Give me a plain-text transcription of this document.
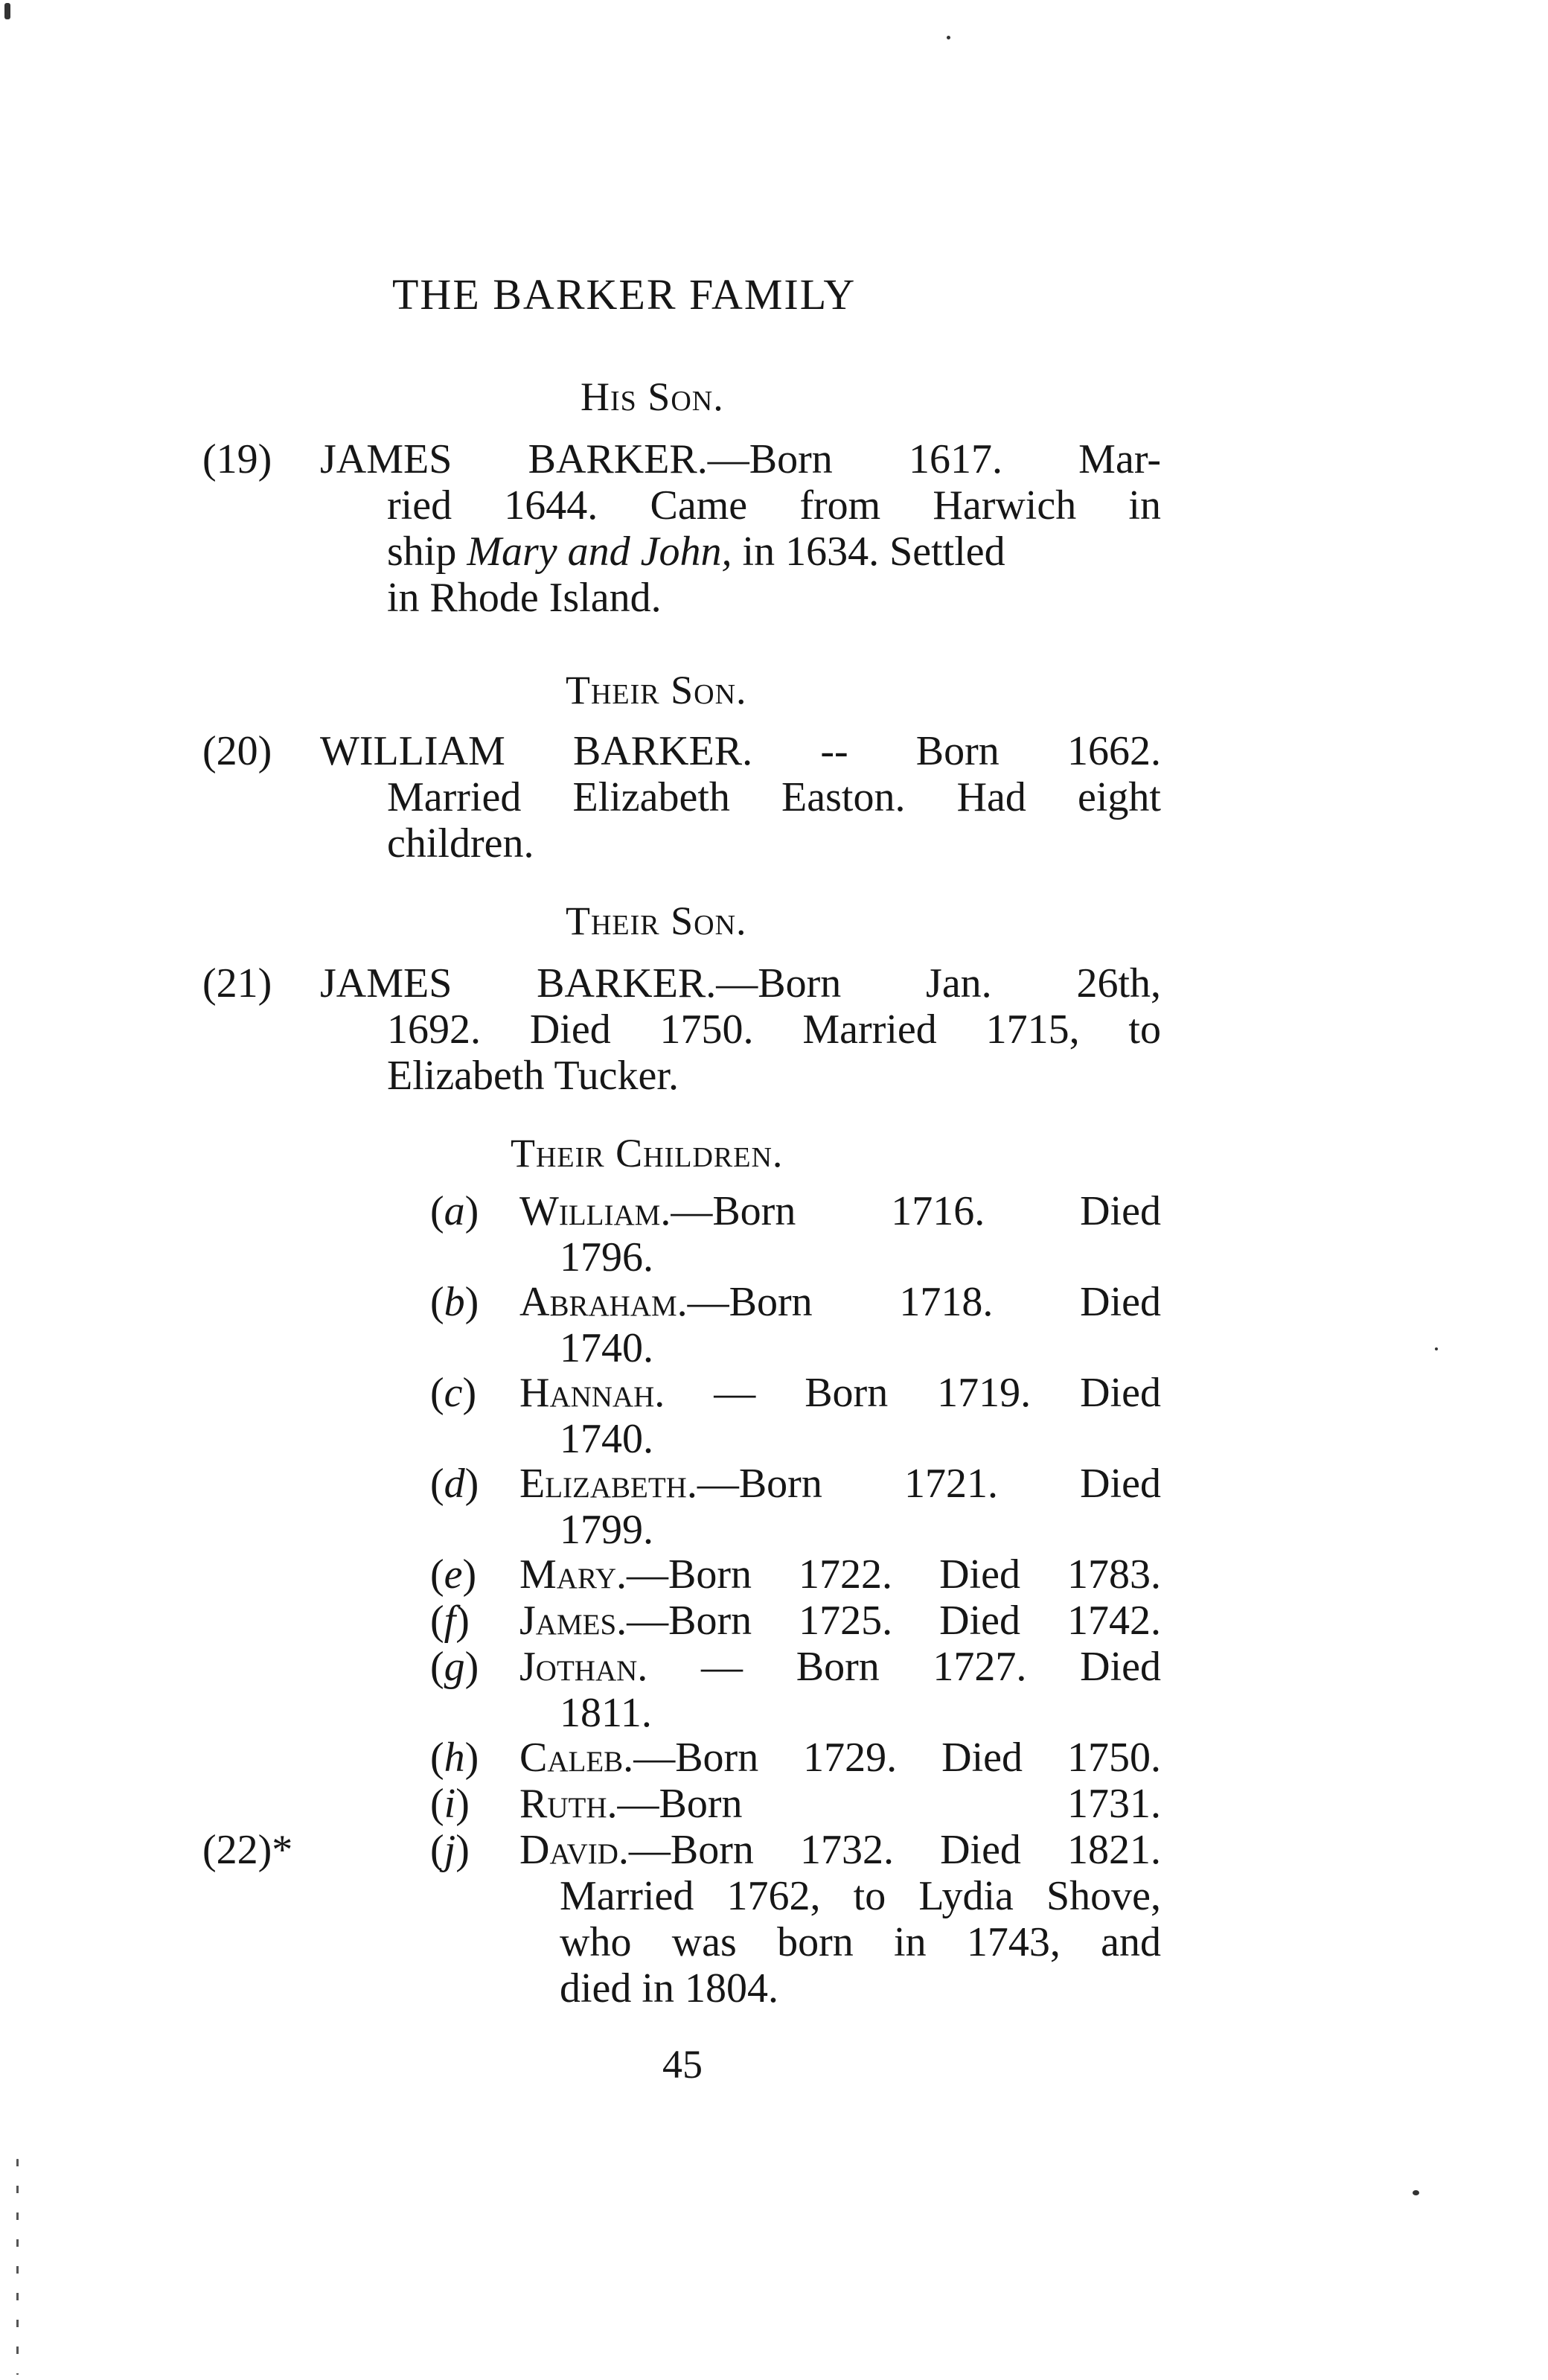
THE BARKER FAMILY
His Son.
(19) JAMES BARKER.—Born 1617. Mar-
ried 1644. Came from Harwich in
ship Mary and John, in 1634. Settled
in Rhode Island.
Their Son.
(20) WILLIAM BARKER. -- Born 1662.
Married Elizabeth Easton. Had eight
children.
Their Son.
(21) JAMES BARKER.—Born Jan. 26th,
1692. Died 1750. Married 1715, to
Elizabeth Tucker.
Their Children.
(a) William.—Born 1716. Died
1796.
(b) Abraham.—Born 1718. Died
1740.
(c) Hannah. — Born 1719. Died
1740.
(d) Elizabeth.—Born 1721. Died
1799.
(e) Mary.—Born 1722. Died 1783.
(f) James.—Born 1725. Died 1742.
(g) Jothan. — Born 1727. Died
1811.
(h) Caleb.—Born 1729. Died 1750.
(i) Ruth.—Born 1731.
(22)*	(j) David.—Born 1732. Died 1821.
Married 1762, to Lydia Shove,
who was born in 1743, and
died in 1804.
45
